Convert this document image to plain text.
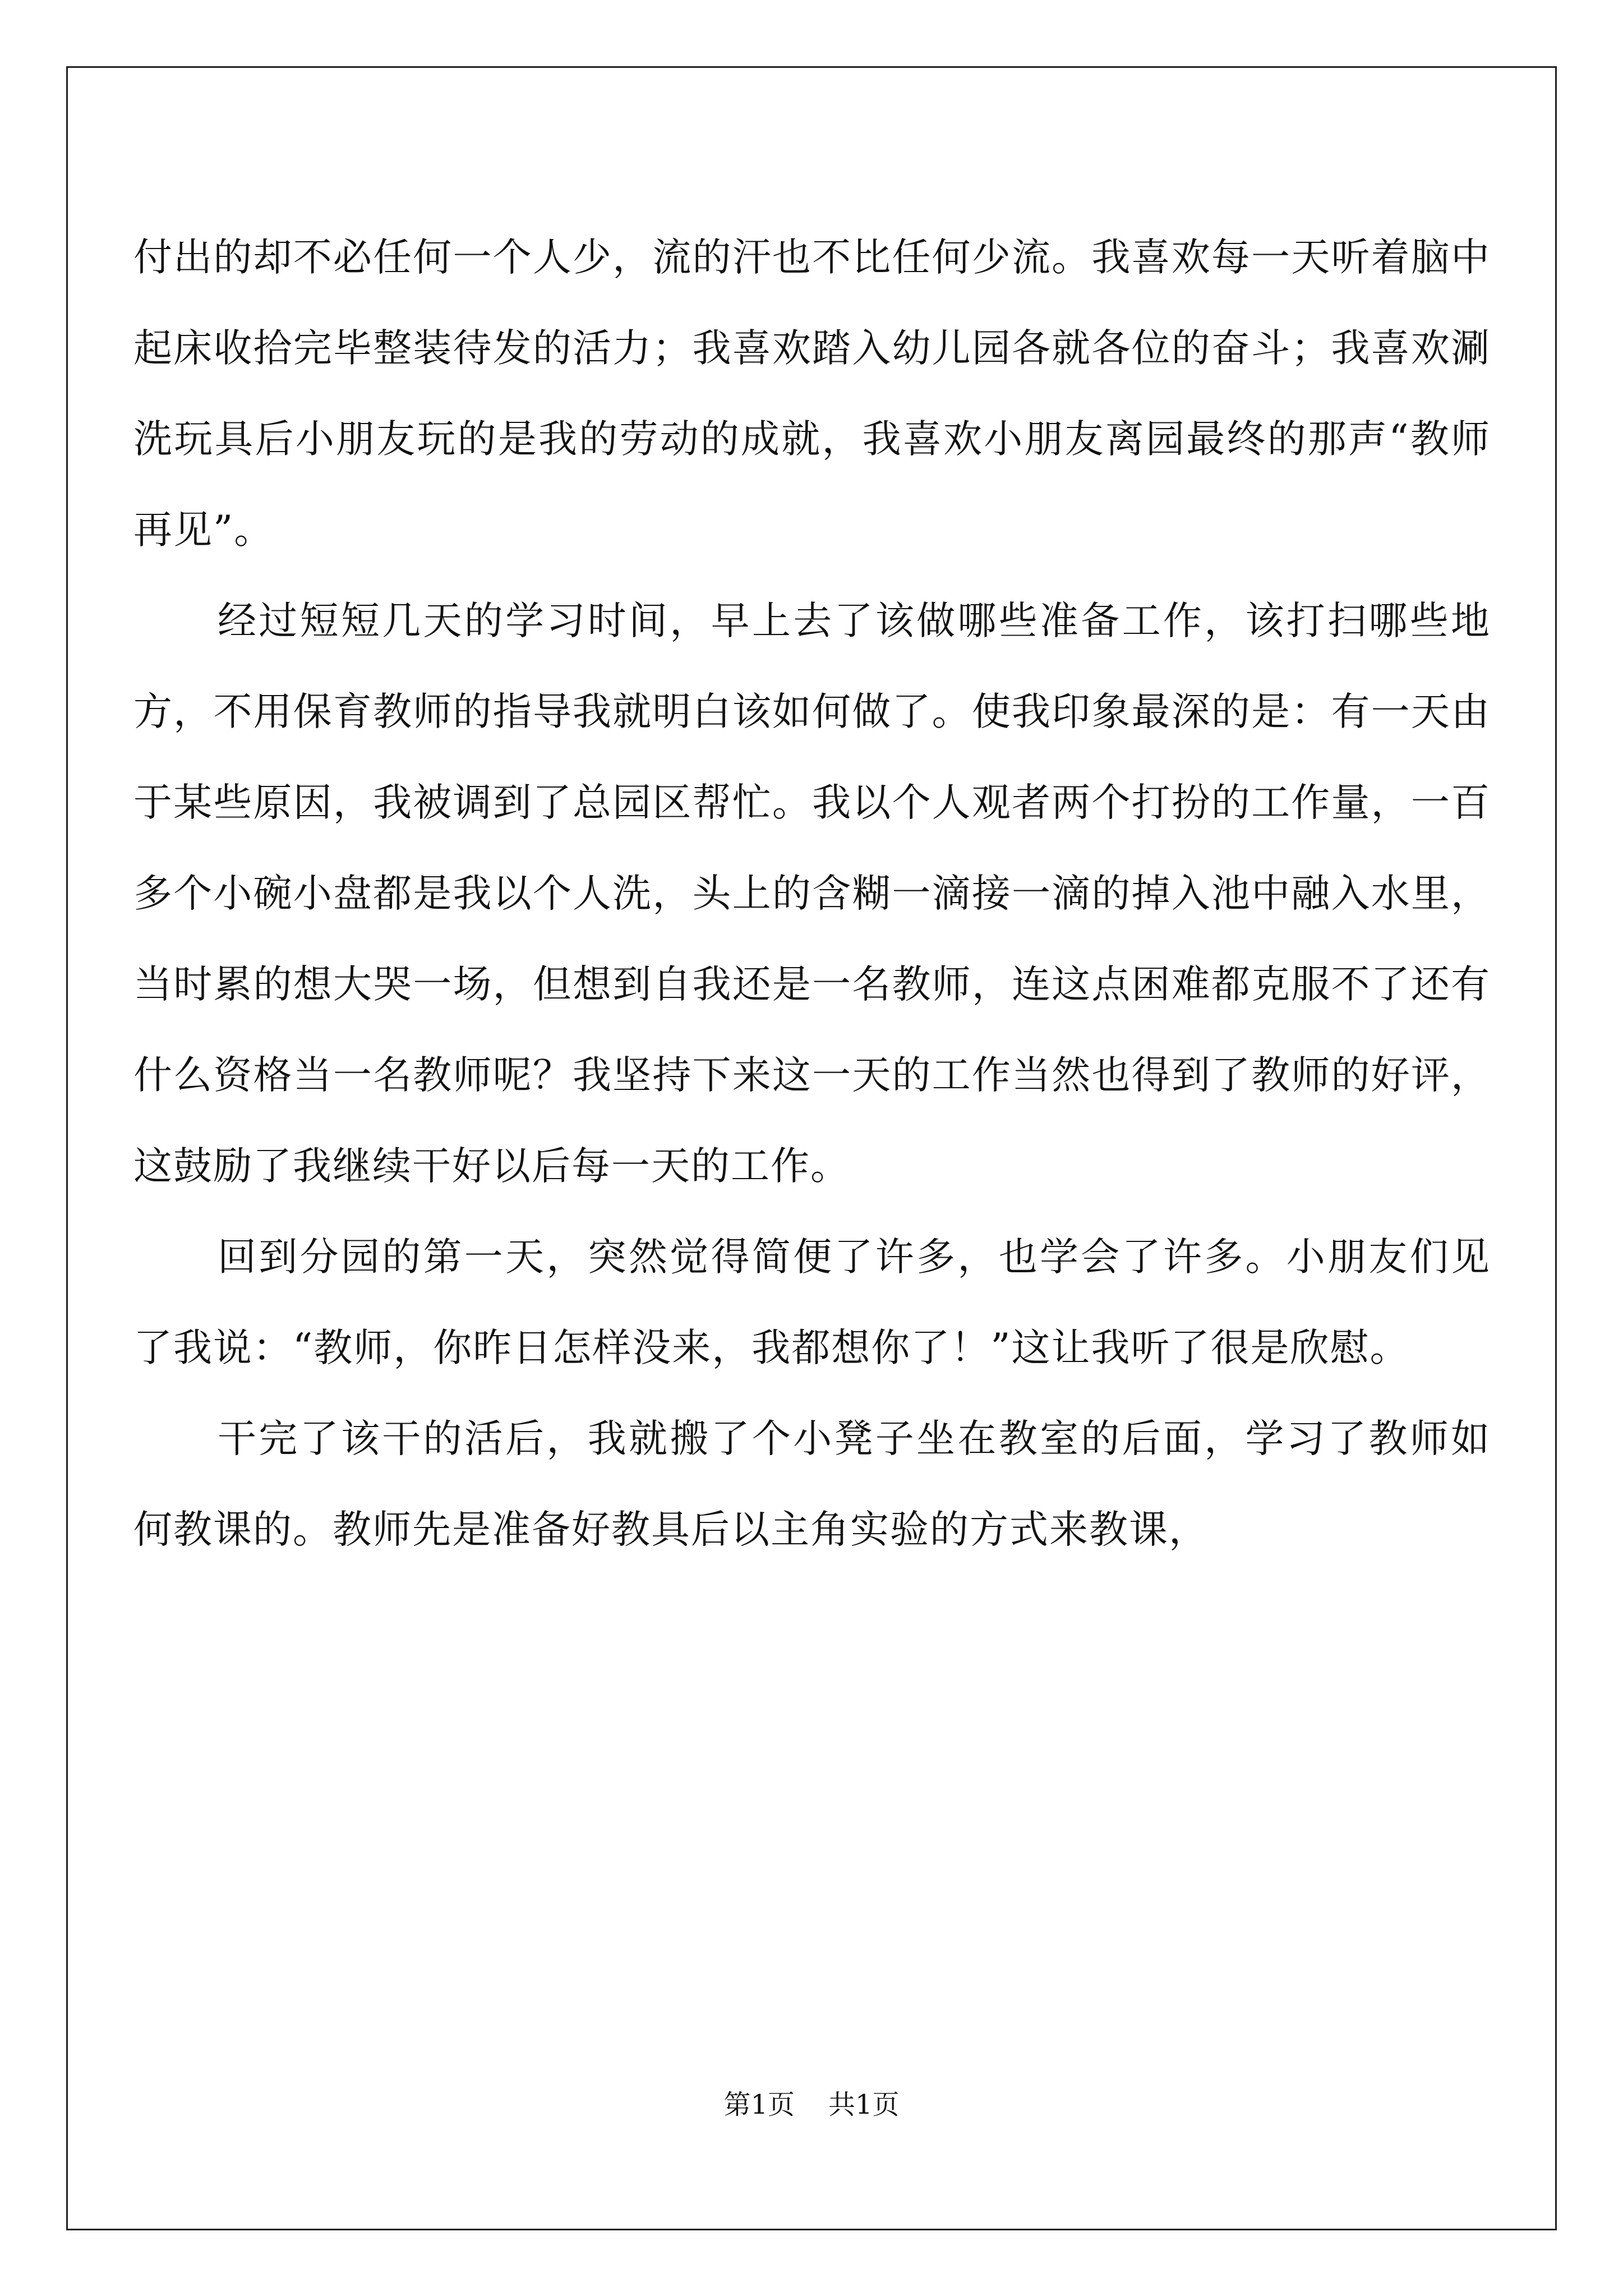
付出的却不必任何一个人少，流的汗也不比任何少流。我喜欢每一天听着脑中起床收拾完毕整装待发的活力；我喜欢踏入幼儿园各就各位的奋斗；我喜欢涮洗玩具后小朋友玩的是我的劳动的成就，我喜欢小朋友离园最终的那声“教师再见”。

经过短短几天的学习时间，早上去了该做哪些准备工作，该打扫哪些地方，不用保育教师的指导我就明白该如何做了。使我印象最深的是：有一天由于某些原因，我被调到了总园区帮忙。我以个人观者两个打扮的工作量，一百多个小碗小盘都是我以个人洗，头上的含糊一滴接一滴的掉入池中融入水里，当时累的想大哭一场，但想到自我还是一名教师，连这点困难都克服不了还有什么资格当一名教师呢？我坚持下来这一天的工作当然也得到了教师的好评，这鼓励了我继续干好以后每一天的工作。

回到分园的第一天，突然觉得简便了许多，也学会了许多。小朋友们见了我说：“教师，你昨日怎样没来，我都想你了！”这让我听了很是欣慰。

干完了该干的活后，我就搬了个小凳子坐在教室的后面，学习了教师如何教课的。教师先是准备好教具后以主角实验的方式来教课，

第1页 共1页
